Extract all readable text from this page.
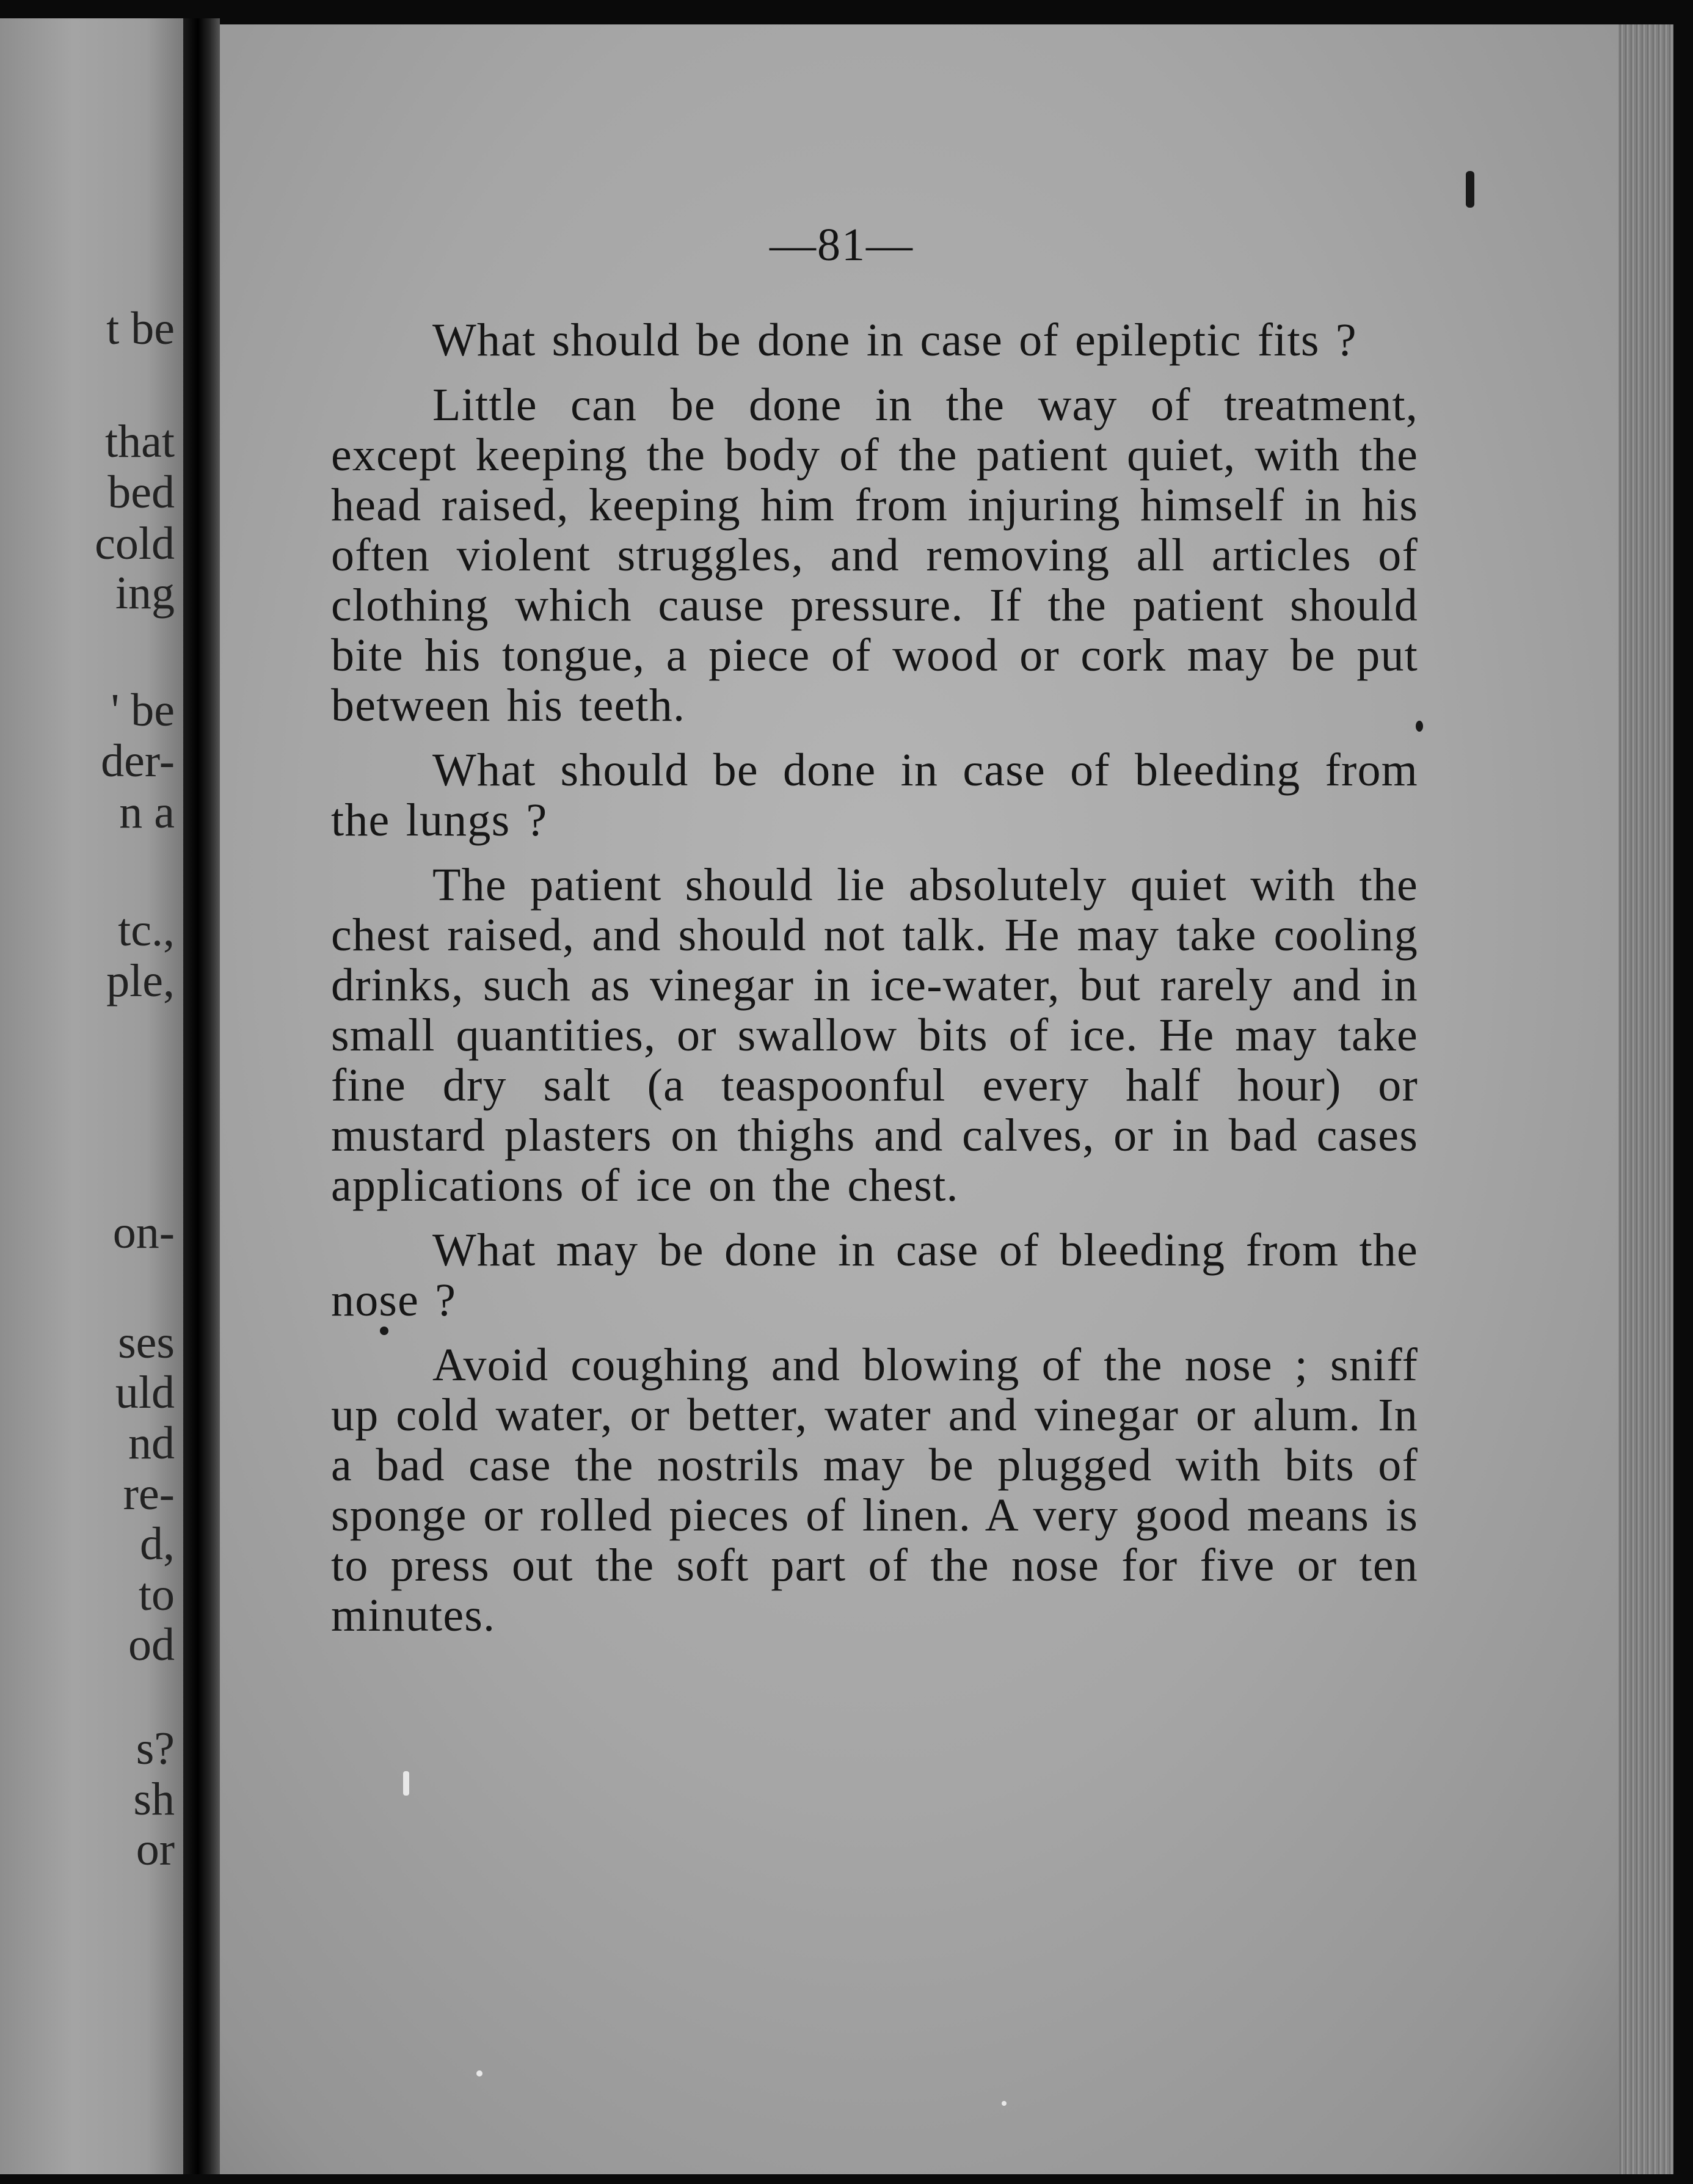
t be
that
bed
cold
ing
' be
der-
n a
tc.,
ple,
on-
ses
uld
nd
re-
d,
to
od
s?
sh
or
—81—

What should be done in case of epileptic fits ?

Little can be done in the way of treatment, except keeping the body of the patient quiet, with the head raised, keeping him from injuring himself in his often violent struggles, and removing all articles of clothing which cause pressure. If the patient should bite his tongue, a piece of wood or cork may be put between his teeth.

What should be done in case of bleeding from the lungs ?

The patient should lie absolutely quiet with the chest raised, and should not talk. He may take cooling drinks, such as vinegar in ice-water, but rarely and in small quantities, or swallow bits of ice. He may take fine dry salt (a teaspoonful every half hour) or mustard plasters on thighs and calves, or in bad cases applications of ice on the chest.

What may be done in case of bleeding from the nose ?

Avoid coughing and blowing of the nose ; sniff up cold water, or better, water and vinegar or alum. In a bad case the nostrils may be plugged with bits of sponge or rolled pieces of linen. A very good means is to press out the soft part of the nose for five or ten minutes.
